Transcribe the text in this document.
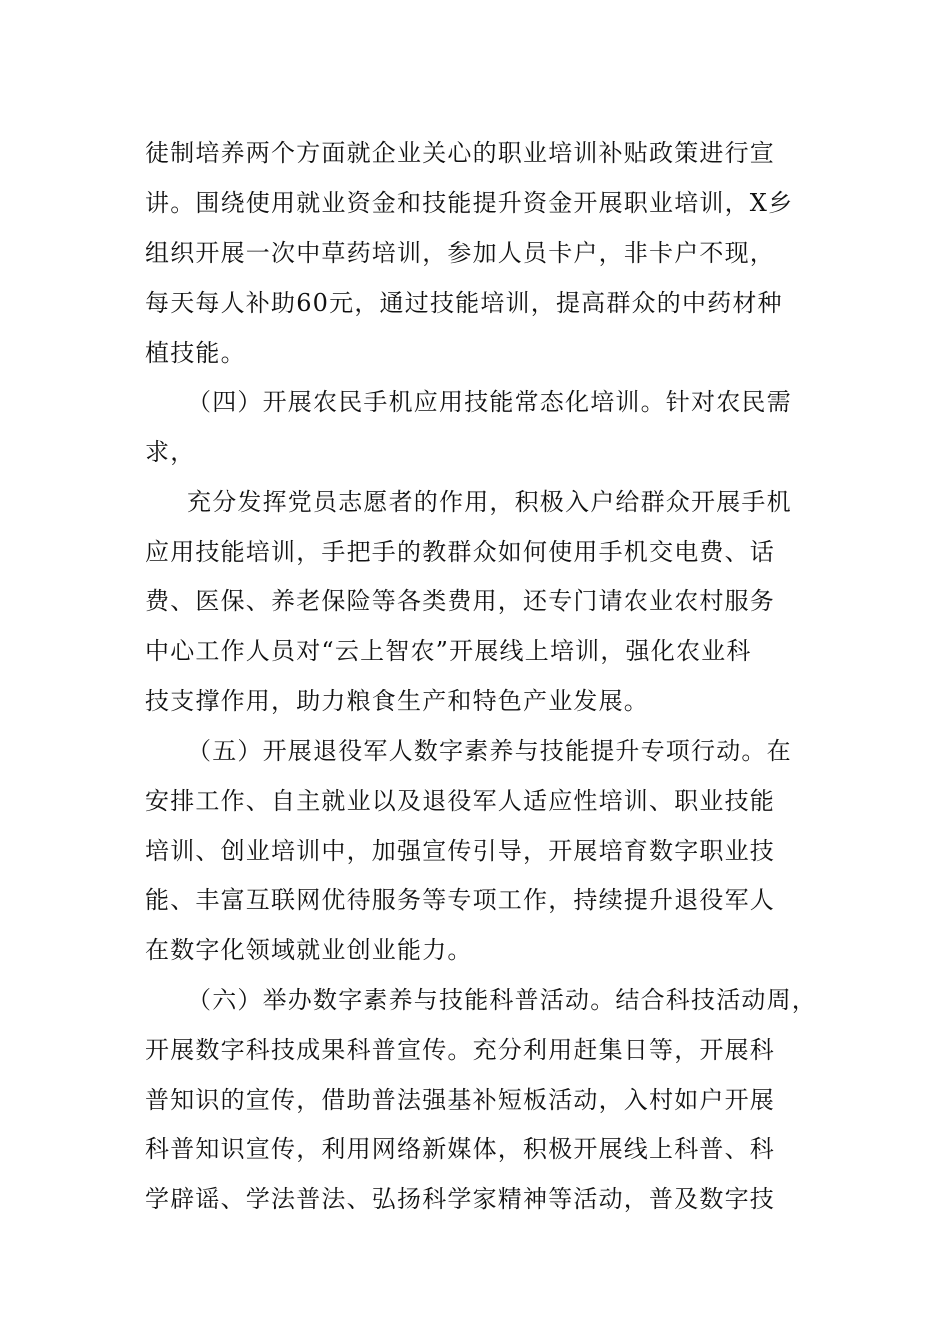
徒制培养两个方面就企业关心的职业培训补贴政策进行宣
讲。围绕使用就业资金和技能提升资金开展职业培训，X乡
组织开展一次中草药培训，参加人员卡户，非卡户不现，
每天每人补助60元，通过技能培训，提高群众的中药材种
植技能。
（四）开展农民手机应用技能常态化培训。针对农民需
求，
充分发挥党员志愿者的作用，积极入户给群众开展手机
应用技能培训，手把手的教群众如何使用手机交电费、话
费、医保、养老保险等各类费用，还专门请农业农村服务
中心工作人员对“云上智农”开展线上培训，强化农业科
技支撑作用，助力粮食生产和特色产业发展。
（五）开展退役军人数字素养与技能提升专项行动。在
安排工作、自主就业以及退役军人适应性培训、职业技能
培训、创业培训中，加强宣传引导，开展培育数字职业技
能、丰富互联网优待服务等专项工作，持续提升退役军人
在数字化领域就业创业能力。
（六）举办数字素养与技能科普活动。结合科技活动周，
开展数字科技成果科普宣传。充分利用赶集日等，开展科
普知识的宣传，借助普法强基补短板活动，入村如户开展
科普知识宣传，利用网络新媒体，积极开展线上科普、科
学辟谣、学法普法、弘扬科学家精神等活动，普及数字技
